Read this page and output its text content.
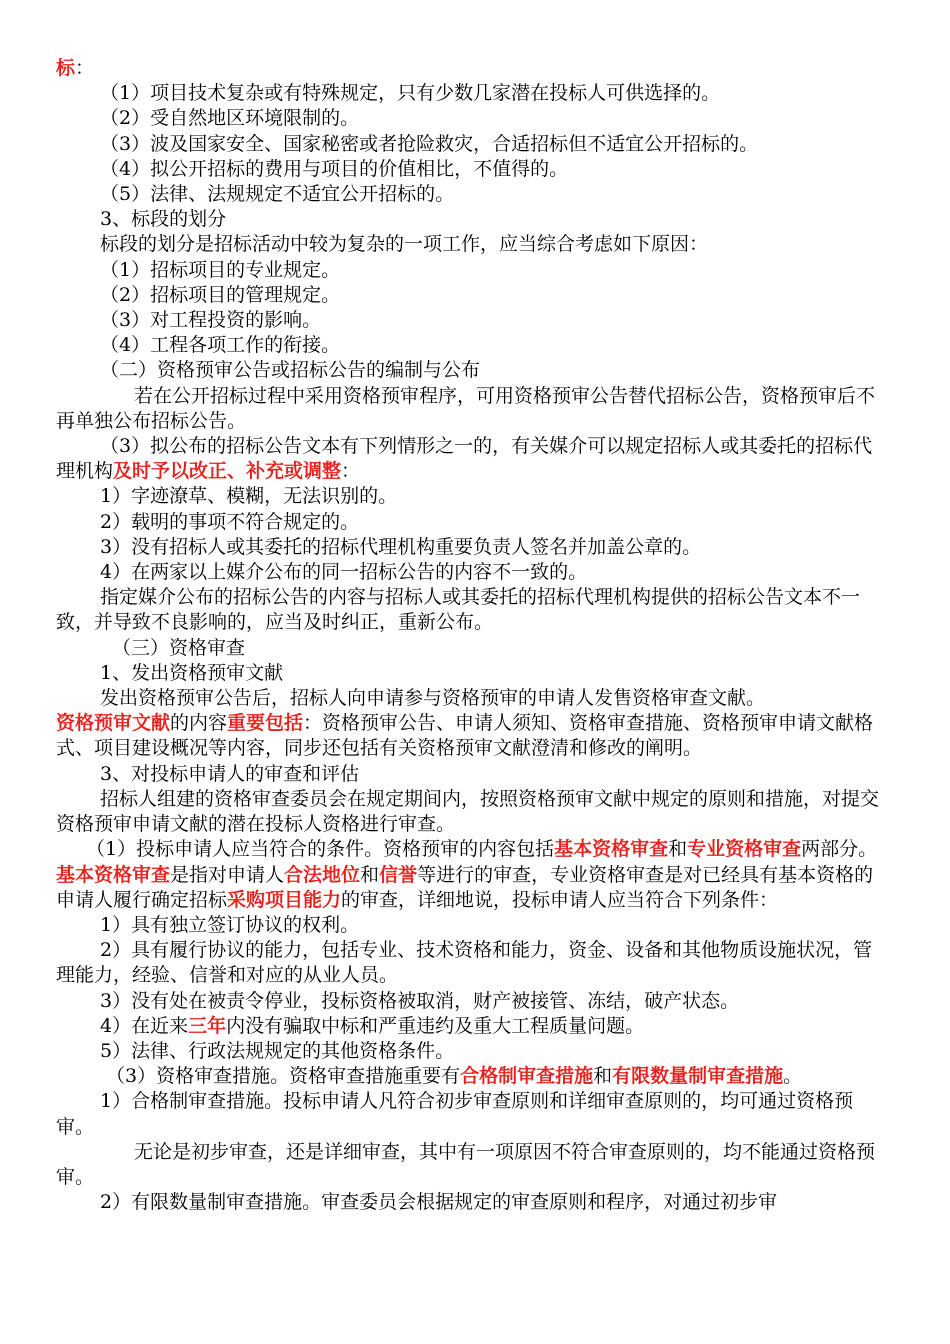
标：

（1）项目技术复杂或有特殊规定，只有少数几家潜在投标人可供选择的。

（2）受自然地区环境限制的。

（3）波及国家安全、国家秘密或者抢险救灾，合适招标但不适宜公开招标的。

（4）拟公开招标的费用与项目的价值相比，不值得的。

（5）法律、法规规定不适宜公开招标的。

3、标段的划分

标段的划分是招标活动中较为复杂的一项工作，应当综合考虑如下原因：

（1）招标项目的专业规定。

（2）招标项目的管理规定。

（3）对工程投资的影响。

（4）工程各项工作的衔接。

（二）资格预审公告或招标公告的编制与公布

若在公开招标过程中采用资格预审程序，可用资格预审公告替代招标公告，资格预审后不再单独公布招标公告。

（3）拟公布的招标公告文本有下列情形之一的，有关媒介可以规定招标人或其委托的招标代理机构及时予以改正、补充或调整：

1）字迹潦草、模糊，无法识别的。

2）载明的事项不符合规定的。

3）没有招标人或其委托的招标代理机构重要负责人签名并加盖公章的。

4）在两家以上媒介公布的同一招标公告的内容不一致的。

指定媒介公布的招标公告的内容与招标人或其委托的招标代理机构提供的招标公告文本不一致，并导致不良影响的，应当及时纠正，重新公布。

（三）资格审查

1、发出资格预审文献

发出资格预审公告后，招标人向申请参与资格预审的申请人发售资格审查文献。

资格预审文献的内容重要包括：资格预审公告、申请人须知、资格审查措施、资格预审申请文献格式、项目建设概况等内容，同步还包括有关资格预审文献澄清和修改的阐明。

3、对投标申请人的审查和评估

招标人组建的资格审查委员会在规定期间内，按照资格预审文献中规定的原则和措施，对提交资格预审申请文献的潜在投标人资格进行审查。

（1）投标申请人应当符合的条件。资格预审的内容包括基本资格审查和专业资格审查两部分。基本资格审查是指对申请人合法地位和信誉等进行的审查，专业资格审查是对已经具有基本资格的申请人履行确定招标采购项目能力的审查，详细地说，投标申请人应当符合下列条件：

1）具有独立签订协议的权利。

2）具有履行协议的能力，包括专业、技术资格和能力，资金、设备和其他物质设施状况，管理能力，经验、信誉和对应的从业人员。

3）没有处在被责令停业，投标资格被取消，财产被接管、冻结，破产状态。

4）在近来三年内没有骗取中标和严重违约及重大工程质量问题。

5）法律、行政法规规定的其他资格条件。

（3）资格审查措施。资格审查措施重要有合格制审查措施和有限数量制审查措施。

1）合格制审查措施。投标申请人凡符合初步审查原则和详细审查原则的，均可通过资格预审。

无论是初步审查，还是详细审查，其中有一项原因不符合审查原则的，均不能通过资格预审。

2）有限数量制审查措施。审查委员会根据规定的审查原则和程序，对通过初步审
